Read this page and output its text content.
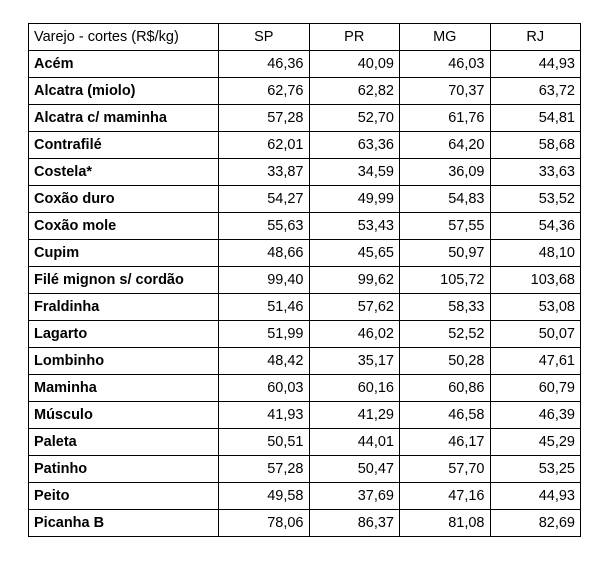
Varejo - cortes (R$/kg)	SP	PR	MG	RJ
Acém	46,36	40,09	46,03	44,93
Alcatra (miolo)	62,76	62,82	70,37	63,72
Alcatra c/ maminha	57,28	52,70	61,76	54,81
Contrafilé	62,01	63,36	64,20	58,68
Costela*	33,87	34,59	36,09	33,63
Coxão duro	54,27	49,99	54,83	53,52
Coxão mole	55,63	53,43	57,55	54,36
Cupim	48,66	45,65	50,97	48,10
Filé mignon s/ cordão	99,40	99,62	105,72	103,68
Fraldinha	51,46	57,62	58,33	53,08
Lagarto	51,99	46,02	52,52	50,07
Lombinho	48,42	35,17	50,28	47,61
Maminha	60,03	60,16	60,86	60,79
Músculo	41,93	41,29	46,58	46,39
Paleta	50,51	44,01	46,17	45,29
Patinho	57,28	50,47	57,70	53,25
Peito	49,58	37,69	47,16	44,93
Picanha B	78,06	86,37	81,08	82,69
